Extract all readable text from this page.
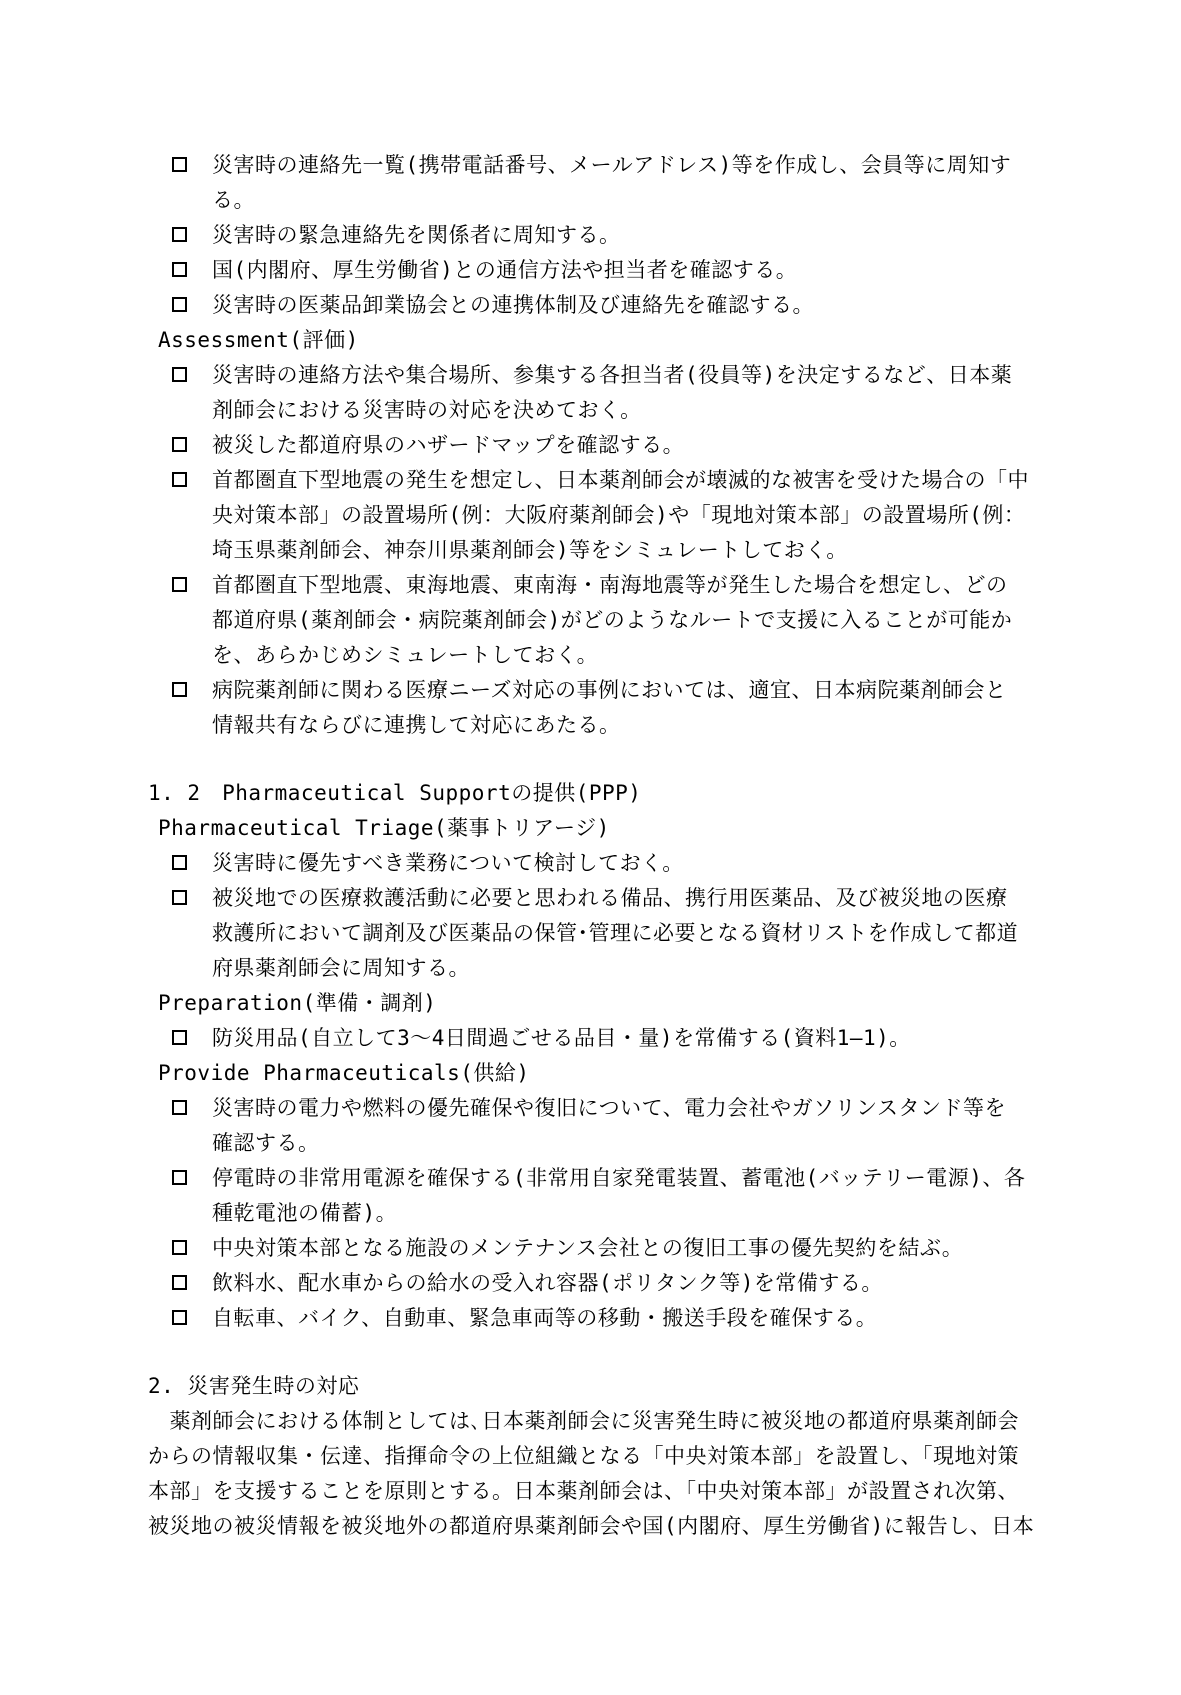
災害時の連絡先一覧(携帯電話番号、メールアドレス)等を作成し、会員等に周知す
る。
災害時の緊急連絡先を関係者に周知する。
国(内閣府、厚生労働省)との通信方法や担当者を確認する。
災害時の医薬品卸業協会との連携体制及び連絡先を確認する。
Assessment(評価)
災害時の連絡方法や集合場所、参集する各担当者(役員等)を決定するなど、日本薬
剤師会における災害時の対応を決めておく。
被災した都道府県のハザードマップを確認する。
首都圏直下型地震の発生を想定し、日本薬剤師会が壊滅的な被害を受けた場合の「中
央対策本部」の設置場所(例：大阪府薬剤師会)や「現地対策本部」の設置場所(例：
埼玉県薬剤師会、神奈川県薬剤師会)等をシミュレートしておく。
首都圏直下型地震、東海地震、東南海・南海地震等が発生した場合を想定し、どの
都道府県(薬剤師会・病院薬剤師会)がどのようなルートで支援に入ることが可能か
を、あらかじめシミュレートしておく。
病院薬剤師に関わる医療ニーズ対応の事例においては、適宜、日本病院薬剤師会と
情報共有ならびに連携して対応にあたる。
1. 2　Pharmaceutical Supportの提供(PPP)
Pharmaceutical Triage(薬事トリアージ)
災害時に優先すべき業務について検討しておく。
被災地での医療救護活動に必要と思われる備品、携行用医薬品、及び被災地の医療
救護所において調剤及び医薬品の保管･管理に必要となる資材リストを作成して都道
府県薬剤師会に周知する。
Preparation(準備・調剤)
防災用品(自立して3～4日間過ごせる品目・量)を常備する(資料1―1)。
Provide Pharmaceuticals(供給)
災害時の電力や燃料の優先確保や復旧について、電力会社やガソリンスタンド等を
確認する。
停電時の非常用電源を確保する(非常用自家発電装置、蓄電池(バッテリー電源)、各
種乾電池の備蓄)。
中央対策本部となる施設のメンテナンス会社との復旧工事の優先契約を結ぶ。
飲料水、配水車からの給水の受入れ容器(ポリタンク等)を常備する。
自転車、バイク、自動車、緊急車両等の移動・搬送手段を確保する。
2. 災害発生時の対応
　薬剤師会における体制としては､日本薬剤師会に災害発生時に被災地の都道府県薬剤師会
からの情報収集・伝達、指揮命令の上位組織となる「中央対策本部」を設置し、「現地対策
本部」を支援することを原則とする。日本薬剤師会は、「中央対策本部」が設置され次第、
被災地の被災情報を被災地外の都道府県薬剤師会や国(内閣府、厚生労働省)に報告し、日本
